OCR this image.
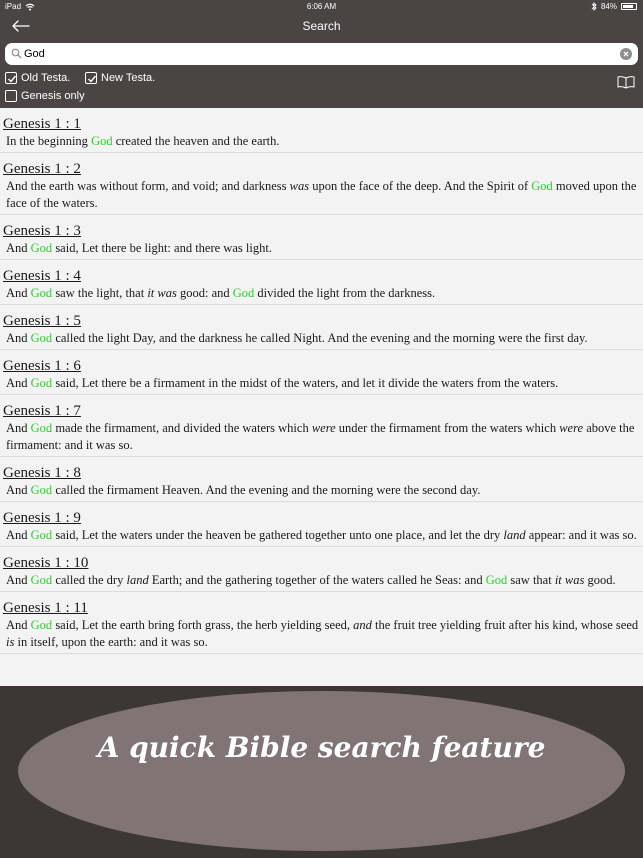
iPad	6:06 AM	84%
Search
God
Old Testa.	New Testa.
Genesis only
Genesis 1 : 1
In the beginning God created the heaven and the earth.
Genesis 1 : 2
And the earth was without form, and void; and darkness was upon the face of the deep. And the Spirit of God moved upon the face of the waters.
Genesis 1 : 3
And God said, Let there be light: and there was light.
Genesis 1 : 4
And God saw the light, that it was good: and God divided the light from the darkness.
Genesis 1 : 5
And God called the light Day, and the darkness he called Night. And the evening and the morning were the first day.
Genesis 1 : 6
And God said, Let there be a firmament in the midst of the waters, and let it divide the waters from the waters.
Genesis 1 : 7
And God made the firmament, and divided the waters which were under the firmament from the waters which were above the firmament: and it was so.
Genesis 1 : 8
And God called the firmament Heaven. And the evening and the morning were the second day.
Genesis 1 : 9
And God said, Let the waters under the heaven be gathered together unto one place, and let the dry land appear: and it was so.
Genesis 1 : 10
And God called the dry land Earth; and the gathering together of the waters called he Seas: and God saw that it was good.
Genesis 1 : 11
And God said, Let the earth bring forth grass, the herb yielding seed, and the fruit tree yielding fruit after his kind, whose seed is in itself, upon the earth: and it was so.
A quick Bible search feature
